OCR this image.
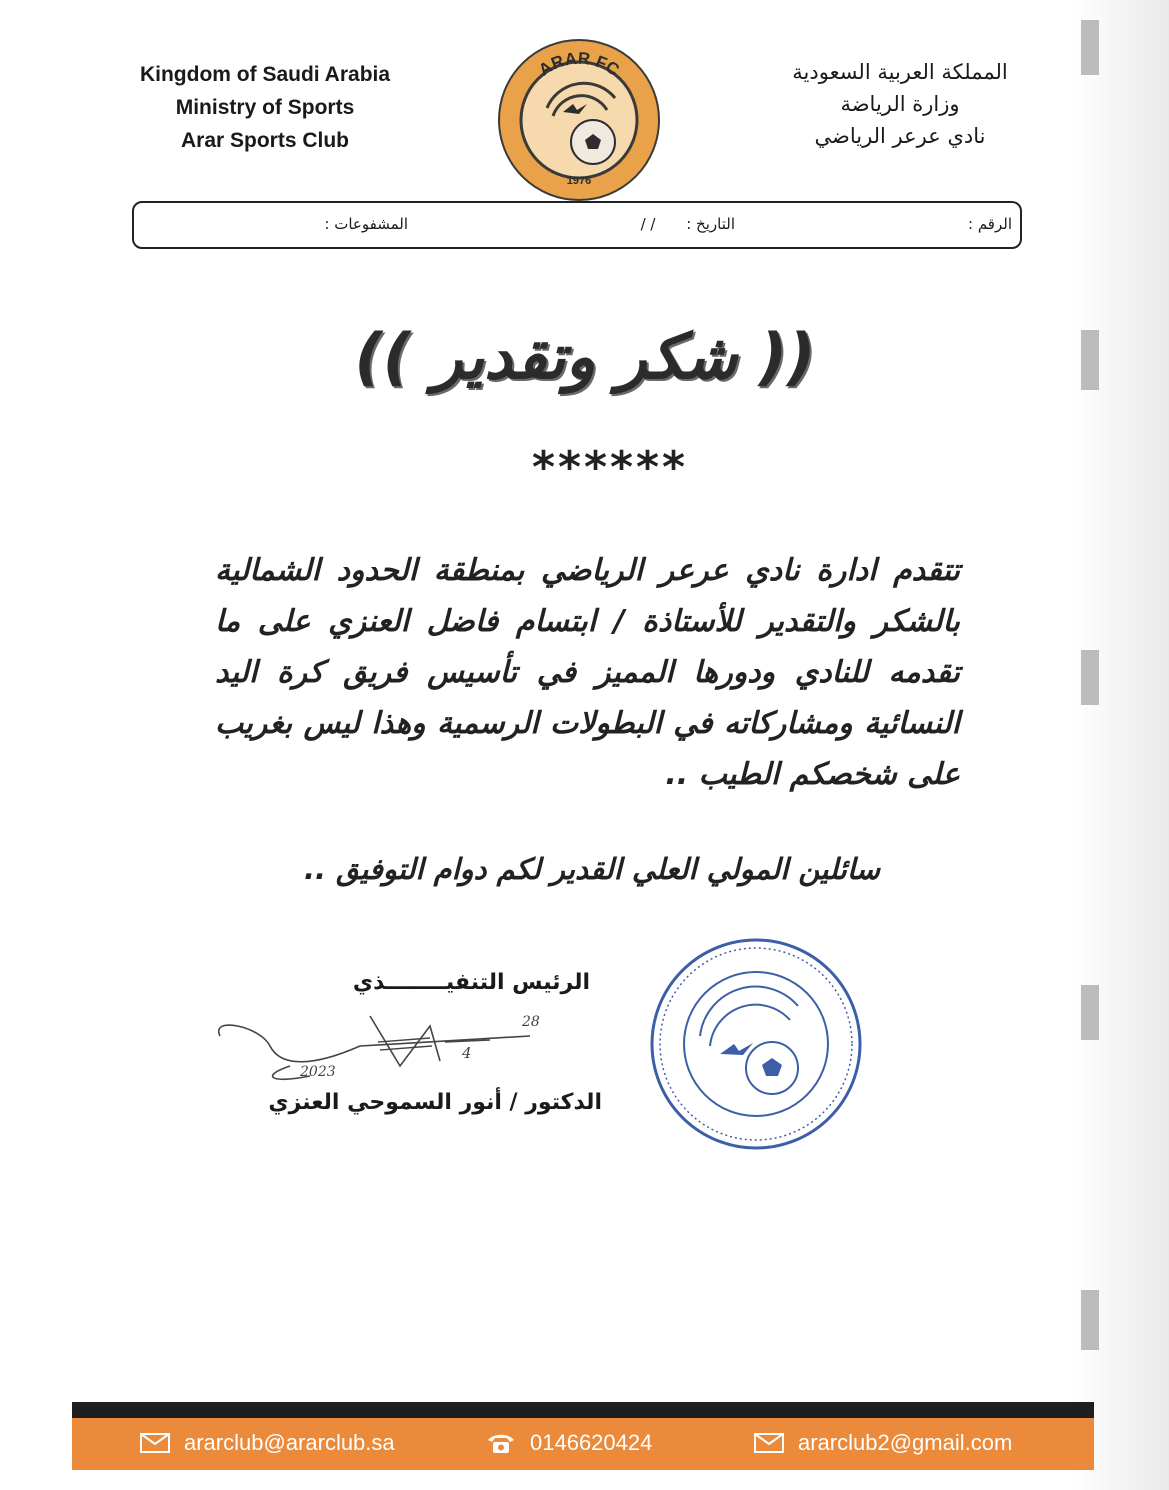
Kingdom of Saudi Arabia
Ministry of Sports
Arar Sports Club
ARAR FC
1976
المملكة العربية السعودية
وزارة الرياضة
نادي عرعر الرياضي
الرقم :
التاريخ : / /
المشفوعات :
(( شكر وتقدير ))
******
تتقدم ادارة نادي عرعر الرياضي بمنطقة الحدود الشمالية بالشكر والتقدير للأستاذة / ابتسام فاضل العنزي على ما تقدمه للنادي ودورها المميز في تأسيس فريق كرة اليد النسائية ومشاركاته في البطولات الرسمية وهذا ليس بغريب على شخصكم الطيب ..
سائلين المولي العلي القدير لكم دوام التوفيق ..
الرئيس التنفيــــــــذي
28
4
2023
الدكتور / أنور السموحي العنزي
ararclub@ararclub.sa	0146620424	ararclub2@gmail.com
